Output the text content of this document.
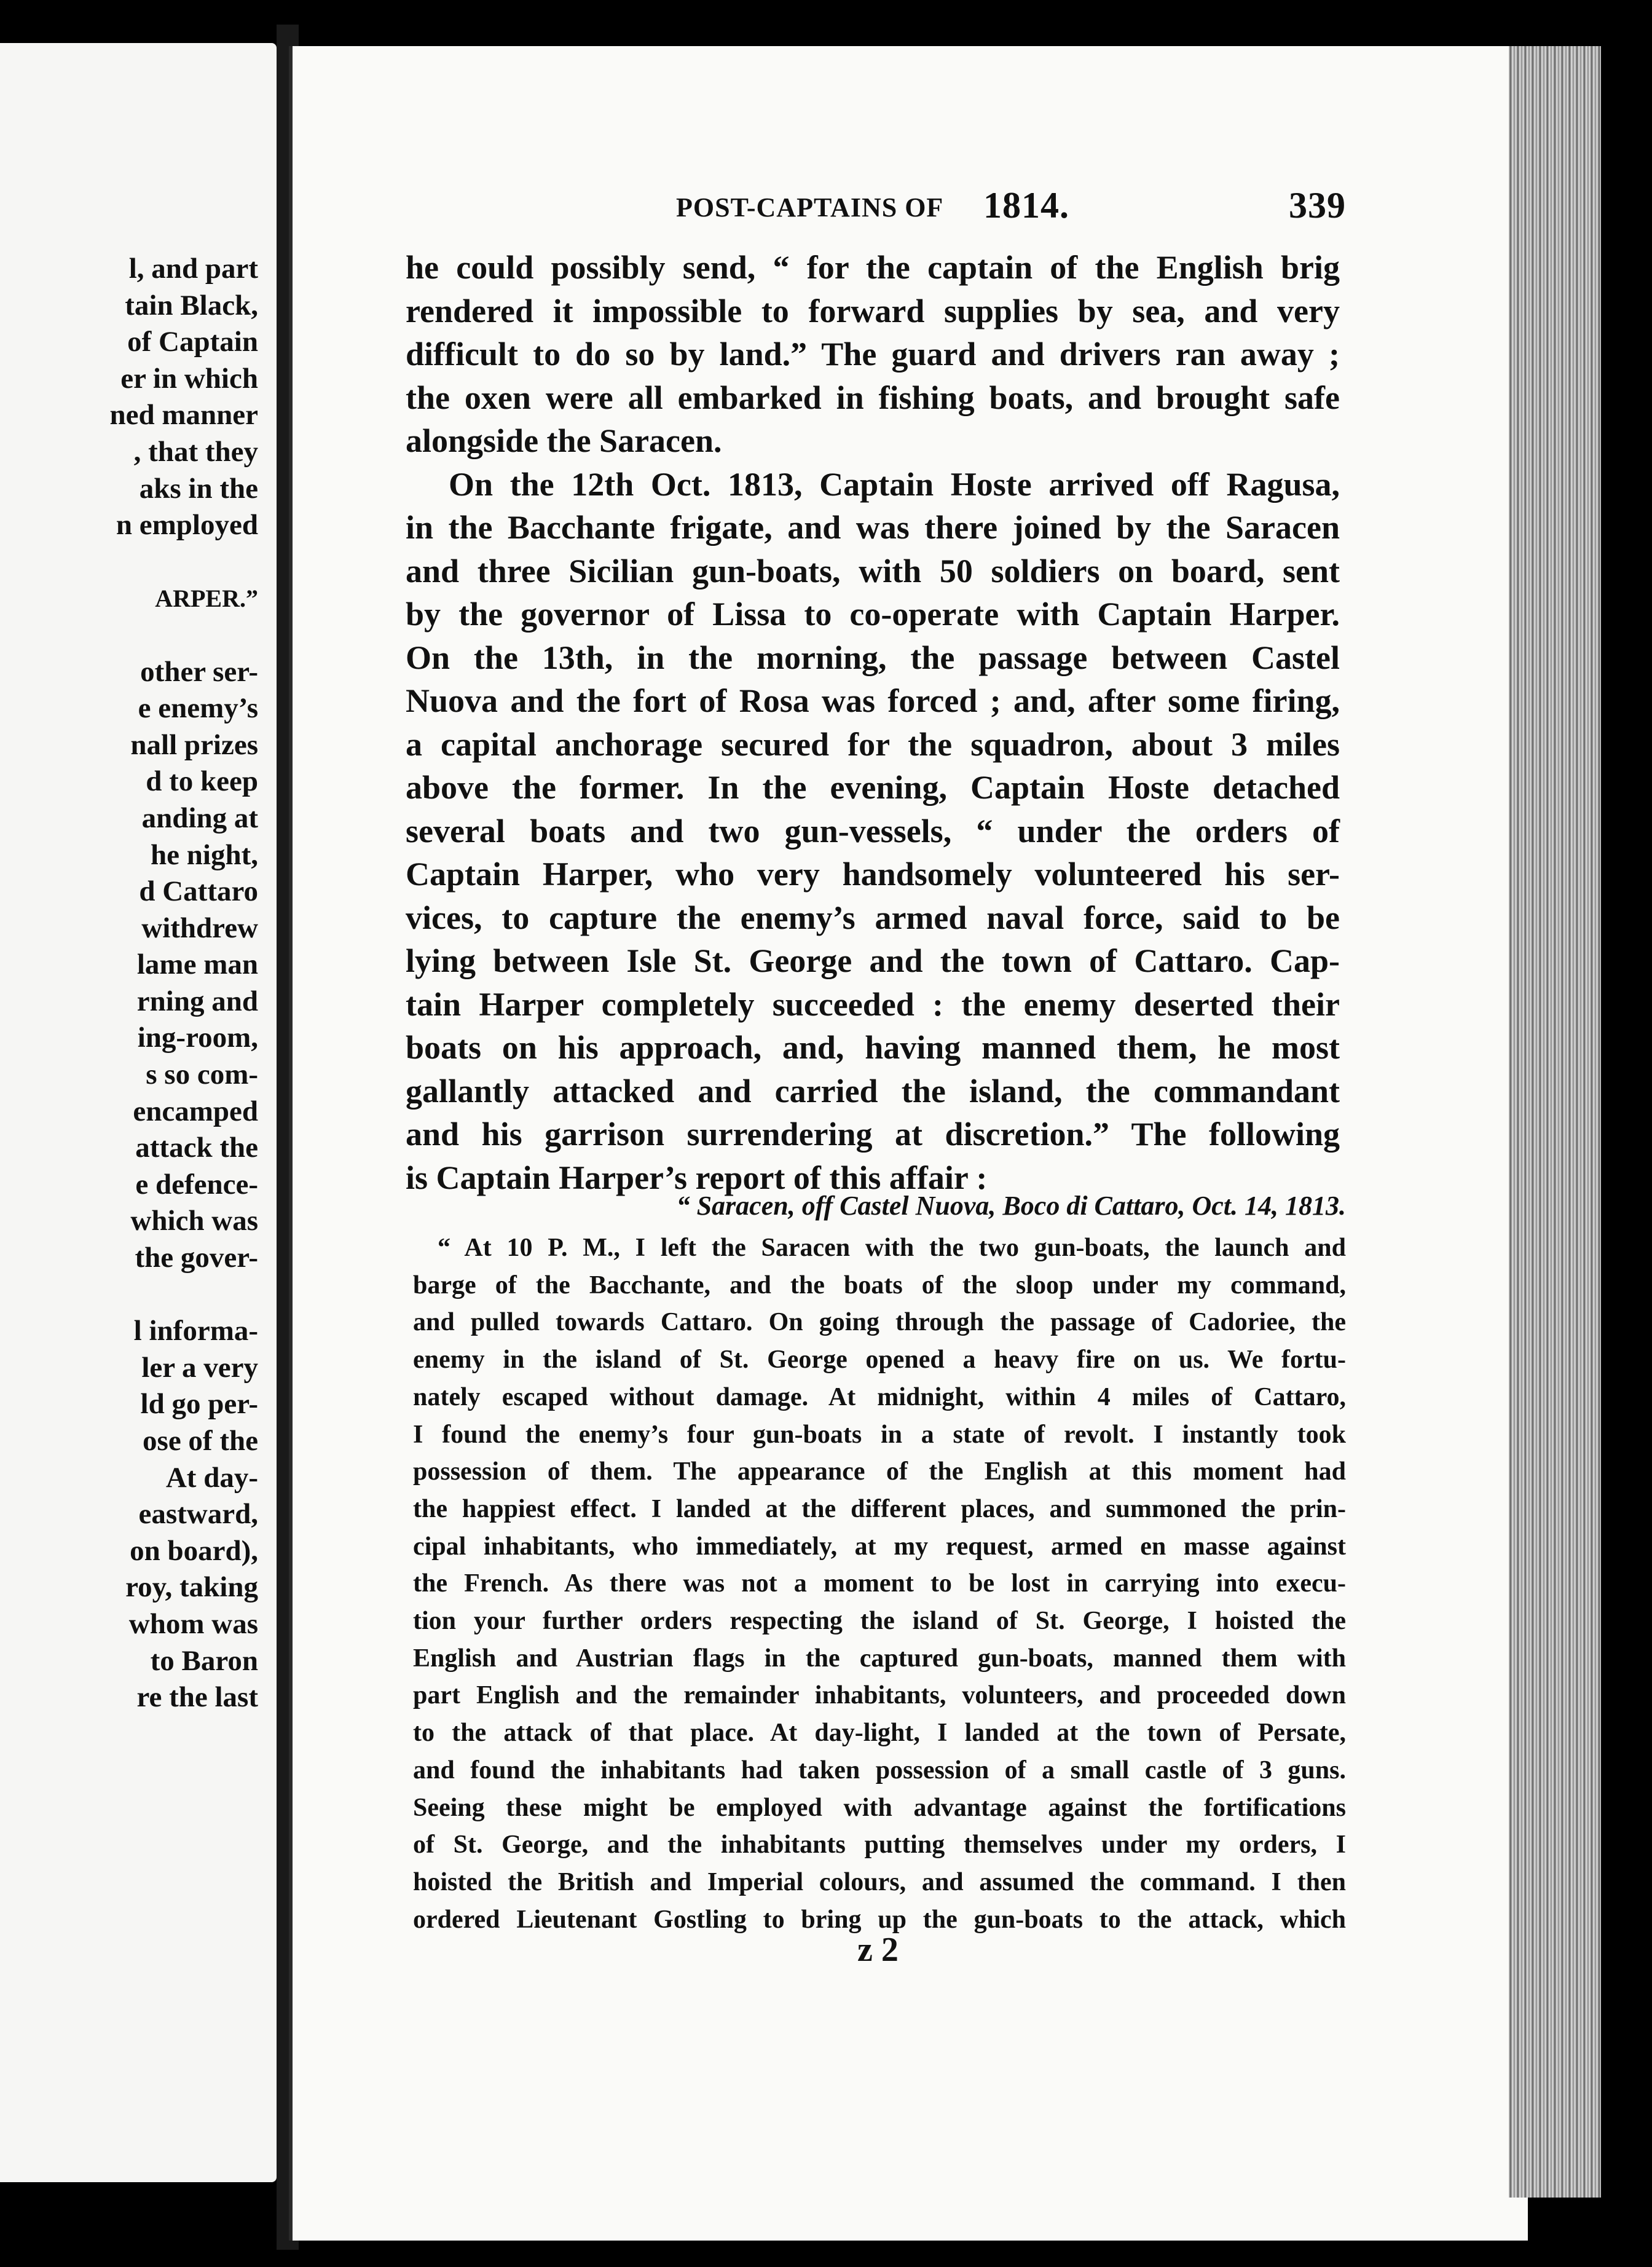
l, and part
tain Black,
of Captain
er in which
ned manner
, that they
aks in the
n employed
ARPER.”
other ser-
e enemy’s
nall prizes
d to keep
anding at
he night,
d Cattaro
withdrew
lame man
rning and
ing-room,
s so com-
encamped
attack the
e defence-
which was
the gover-
l informa-
ler a very
ld go per-
ose of the
At day-
eastward,
on board),
roy, taking
whom was
to Baron
re the last
POST-CAPTAINS OF 1814.	339

he could possibly send, “ for the captain of the English brig

rendered it impossible to forward supplies by sea, and very

difficult to do so by land.” The guard and drivers ran away ;

the oxen were all embarked in fishing boats, and brought safe

alongside the Saracen.

On the 12th Oct. 1813, Captain Hoste arrived off Ragusa,

in the Bacchante frigate, and was there joined by the Saracen

and three Sicilian gun-boats, with 50 soldiers on board, sent

by the governor of Lissa to co-operate with Captain Harper.

On the 13th, in the morning, the passage between Castel

Nuova and the fort of Rosa was forced ; and, after some firing,

a capital anchorage secured for the squadron, about 3 miles

above the former. In the evening, Captain Hoste detached

several boats and two gun-vessels, “ under the orders of

Captain Harper, who very handsomely volunteered his ser-

vices, to capture the enemy’s armed naval force, said to be

lying between Isle St. George and the town of Cattaro. Cap-

tain Harper completely succeeded : the enemy deserted their

boats on his approach, and, having manned them, he most

gallantly attacked and carried the island, the commandant

and his garrison surrendering at discretion.” The following

is Captain Harper’s report of this affair :

“ Saracen, off Castel Nuova, Boco di Cattaro, Oct. 14, 1813.

“ At 10 P. M., I left the Saracen with the two gun-boats, the launch and

barge of the Bacchante, and the boats of the sloop under my command,

and pulled towards Cattaro. On going through the passage of Cadoriee, the

enemy in the island of St. George opened a heavy fire on us. We fortu-

nately escaped without damage. At midnight, within 4 miles of Cattaro,

I found the enemy’s four gun-boats in a state of revolt. I instantly took

possession of them. The appearance of the English at this moment had

the happiest effect. I landed at the different places, and summoned the prin-

cipal inhabitants, who immediately, at my request, armed en masse against

the French. As there was not a moment to be lost in carrying into execu-

tion your further orders respecting the island of St. George, I hoisted the

English and Austrian flags in the captured gun-boats, manned them with

part English and the remainder inhabitants, volunteers, and proceeded down

to the attack of that place. At day-light, I landed at the town of Persate,

and found the inhabitants had taken possession of a small castle of 3 guns.

Seeing these might be employed with advantage against the fortifications

of St. George, and the inhabitants putting themselves under my orders, I

hoisted the British and Imperial colours, and assumed the command. I then

ordered Lieutenant Gostling to bring up the gun-boats to the attack, which

z 2
